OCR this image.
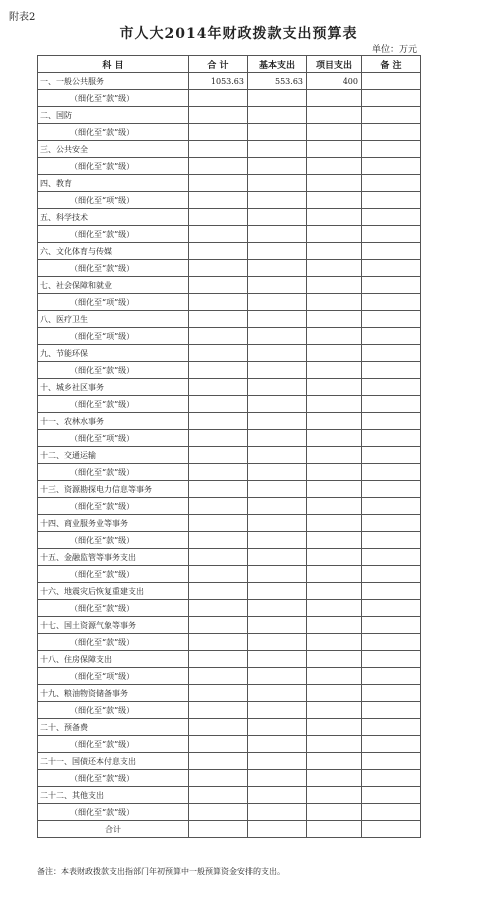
附表2
市人大2014年财政拨款支出预算表
单位：万元
科 目	合 计	基本支出	项目支出	备 注
一、一般公共服务	1053.63	553.63	400	
（细化至“款”级）				
二、国防				
（细化至“款”级）				
三、公共安全				
（细化至“款”级）				
四、教育				
（细化至“项”级）				
五、科学技术				
（细化至“款”级）				
六、文化体育与传媒				
（细化至“款”级）				
七、社会保障和就业				
（细化至“项”级）				
八、医疗卫生				
（细化至“项”级）				
九、节能环保				
（细化至“款”级）				
十、城乡社区事务				
（细化至“款”级）				
十一、农林水事务				
（细化至“项”级）				
十二、交通运输				
（细化至“款”级）				
十三、资源勘探电力信息等事务				
（细化至“款”级）				
十四、商业服务业等事务				
（细化至“款”级）				
十五、金融监管等事务支出				
（细化至“款”级）				
十六、地震灾后恢复重建支出				
（细化至“款”级）				
十七、国土资源气象等事务				
（细化至“款”级）				
十八、住房保障支出				
（细化至“项”级）				
十九、粮油物资储备事务				
（细化至“款”级）				
二十、预备费				
（细化至“款”级）				
二十一、国债还本付息支出				
（细化至“款”级）				
二十二、其他支出				
（细化至“款”级）				
合计				
备注：本表财政拨款支出指部门年初预算中一般预算资金安排的支出。
